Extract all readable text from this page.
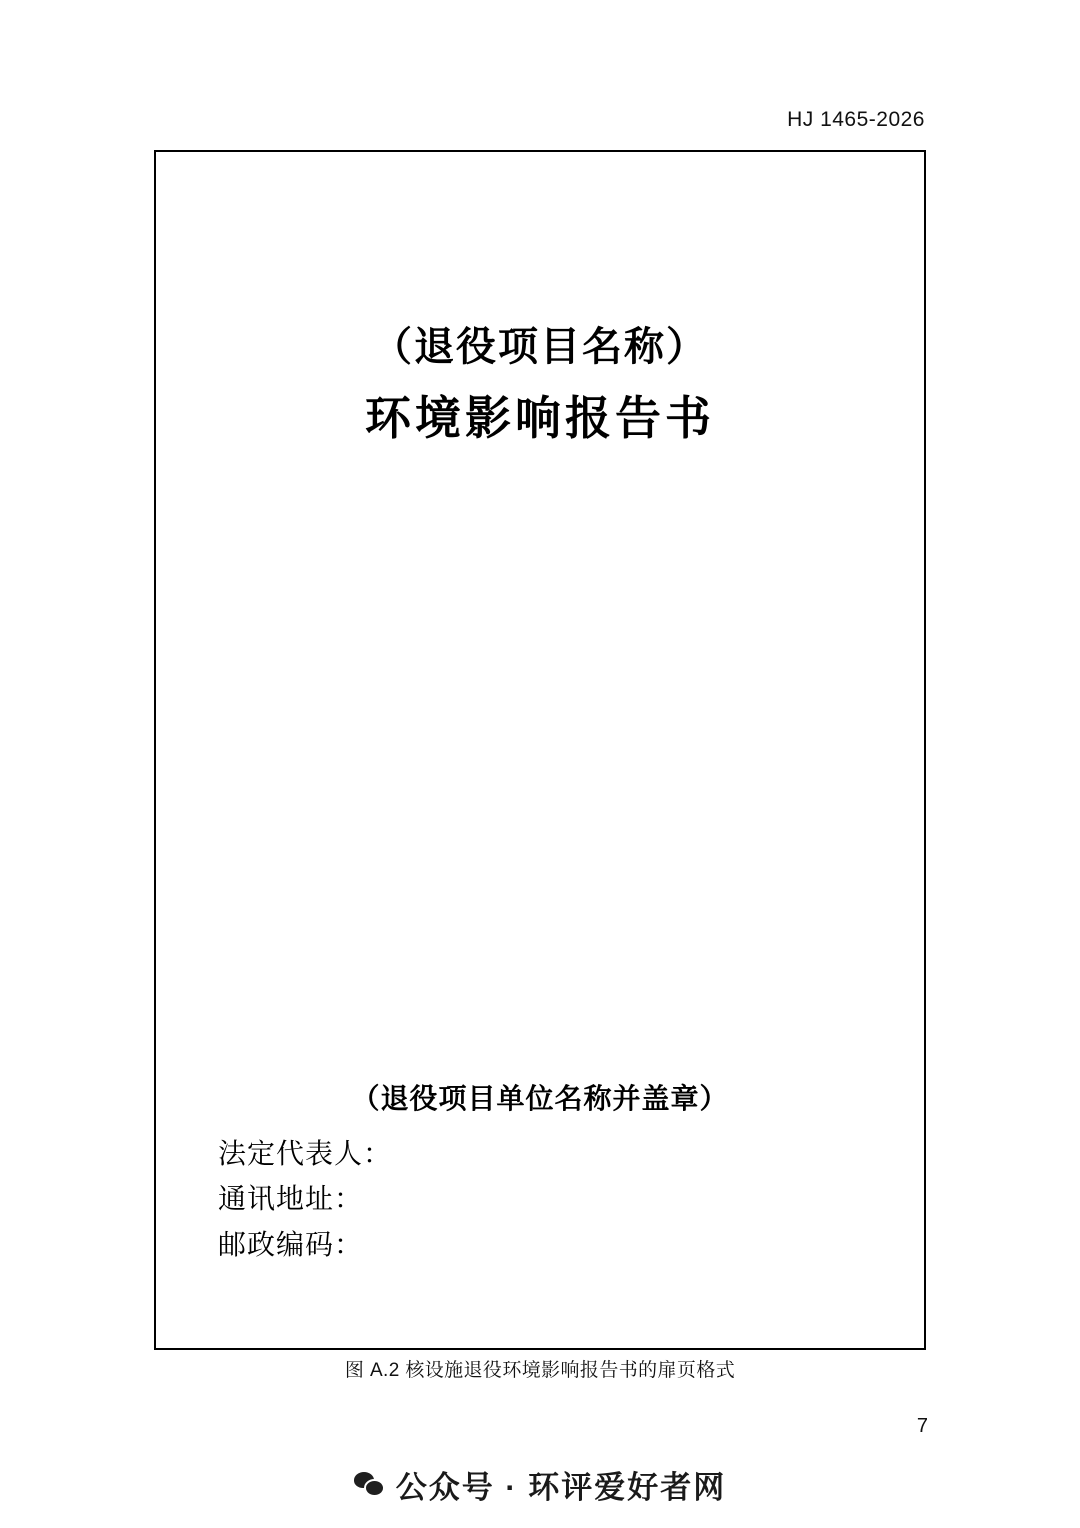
HJ 1465-2026
（退役项目名称）
环境影响报告书
（退役项目单位名称并盖章）
法定代表人：
通讯地址：
邮政编码：
图 A.2 核设施退役环境影响报告书的扉页格式
7
公众号 · 环评爱好者网
